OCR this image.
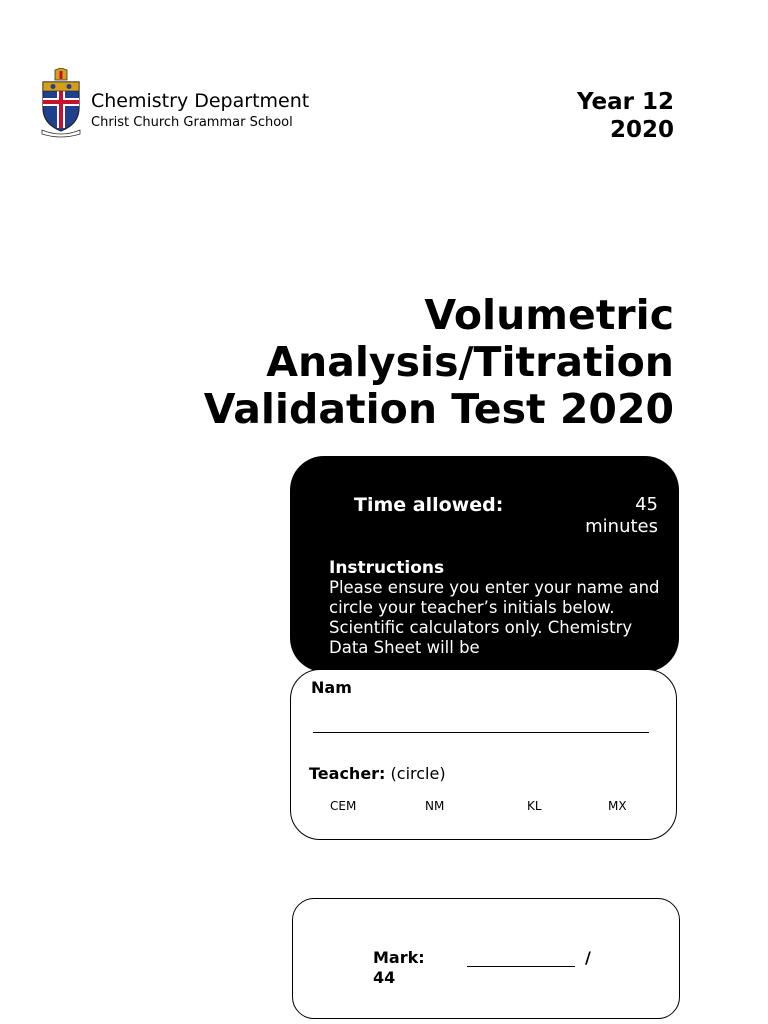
Chemistry Department
Christ Church Grammar School
Year 12
2020
Volumetric
Analysis/Titration
Validation Test 2020
Time allowed:	45
minutes
Instructions
Please ensure you enter your name and circle your teacher’s initials below. Scientific calculators only. Chemistry Data Sheet will be
Nam
Teacher: (circle)
CEM	NM	KL	MX
Mark:	/
44
